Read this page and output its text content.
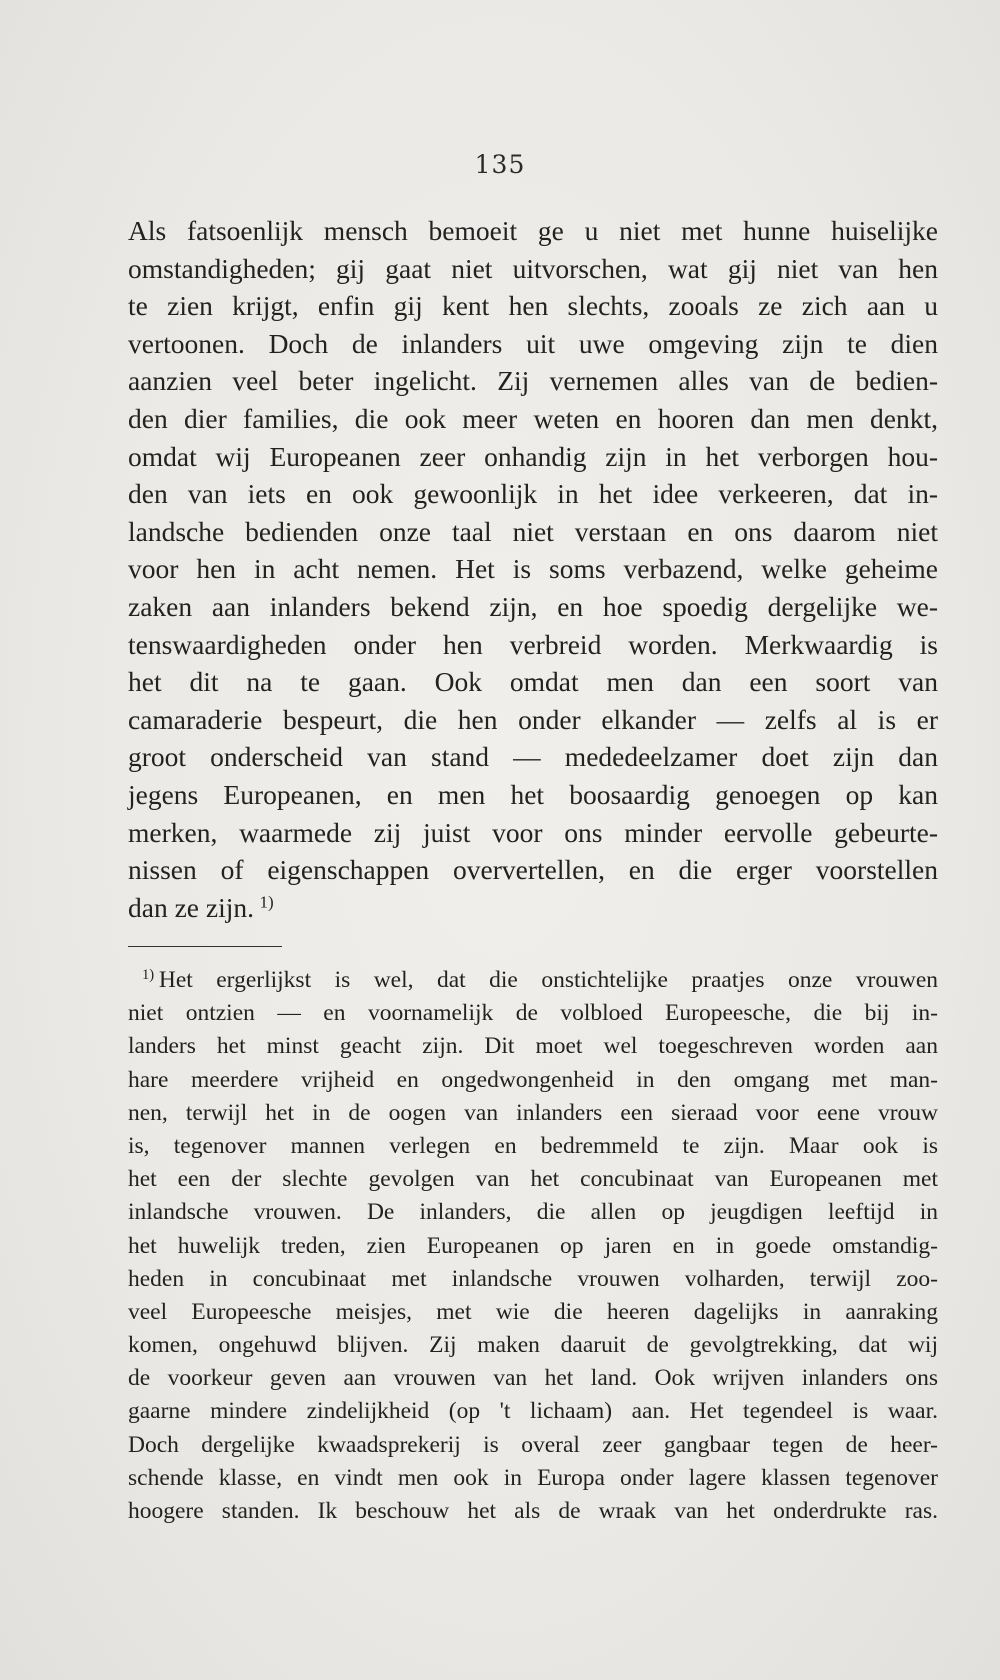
135
Als fatsoenlijk mensch bemoeit ge u niet met hunne huiselijke
omstandigheden; gij gaat niet uitvorschen, wat gij niet van hen
te zien krijgt, enfin gij kent hen slechts, zooals ze zich aan u
vertoonen. Doch de inlanders uit uwe omgeving zijn te dien
aanzien veel beter ingelicht. Zij vernemen alles van de bedien-
den dier families, die ook meer weten en hooren dan men denkt,
omdat wij Europeanen zeer onhandig zijn in het verborgen hou-
den van iets en ook gewoonlijk in het idee verkeeren, dat in-
landsche bedienden onze taal niet verstaan en ons daarom niet
voor hen in acht nemen. Het is soms verbazend, welke geheime
zaken aan inlanders bekend zijn, en hoe spoedig dergelijke we-
tenswaardigheden onder hen verbreid worden. Merkwaardig is
het dit na te gaan. Ook omdat men dan een soort van
camaraderie bespeurt, die hen onder elkander — zelfs al is er
groot onderscheid van stand — mededeelzamer doet zijn dan
jegens Europeanen, en men het boosaardig genoegen op kan
merken, waarmede zij juist voor ons minder eervolle gebeurte-
nissen of eigenschappen oververtellen, en die erger voorstellen
dan ze zijn.  $^{1)}$
$^{1)}$  Het ergerlijkst is wel, dat die onstichtelijke praatjes onze vrouwen
niet ontzien — en voornamelijk de volbloed Europeesche, die bij in-
landers het minst geacht zijn. Dit moet wel toegeschreven worden aan
hare meerdere vrijheid en ongedwongenheid in den omgang met man-
nen, terwijl het in de oogen van inlanders een sieraad voor eene vrouw
is, tegenover mannen verlegen en bedremmeld te zijn. Maar ook is
het een der slechte gevolgen van het concubinaat van Europeanen met
inlandsche vrouwen. De inlanders, die allen op jeugdigen leeftijd in
het huwelijk treden, zien Europeanen op jaren en in goede omstandig-
heden in concubinaat met inlandsche vrouwen volharden, terwijl zoo-
veel Europeesche meisjes, met wie die heeren dagelijks in aanraking
komen, ongehuwd blijven. Zij maken daaruit de gevolgtrekking, dat wij
de voorkeur geven aan vrouwen van het land. Ook wrijven inlanders ons
gaarne mindere zindelijkheid (op 't lichaam) aan. Het tegendeel is waar.
Doch dergelijke kwaadsprekerij is overal zeer gangbaar tegen de heer-
schende klasse, en vindt men ook in Europa onder lagere klassen tegenover
hoogere standen. Ik beschouw het als de wraak van het onderdrukte ras.
